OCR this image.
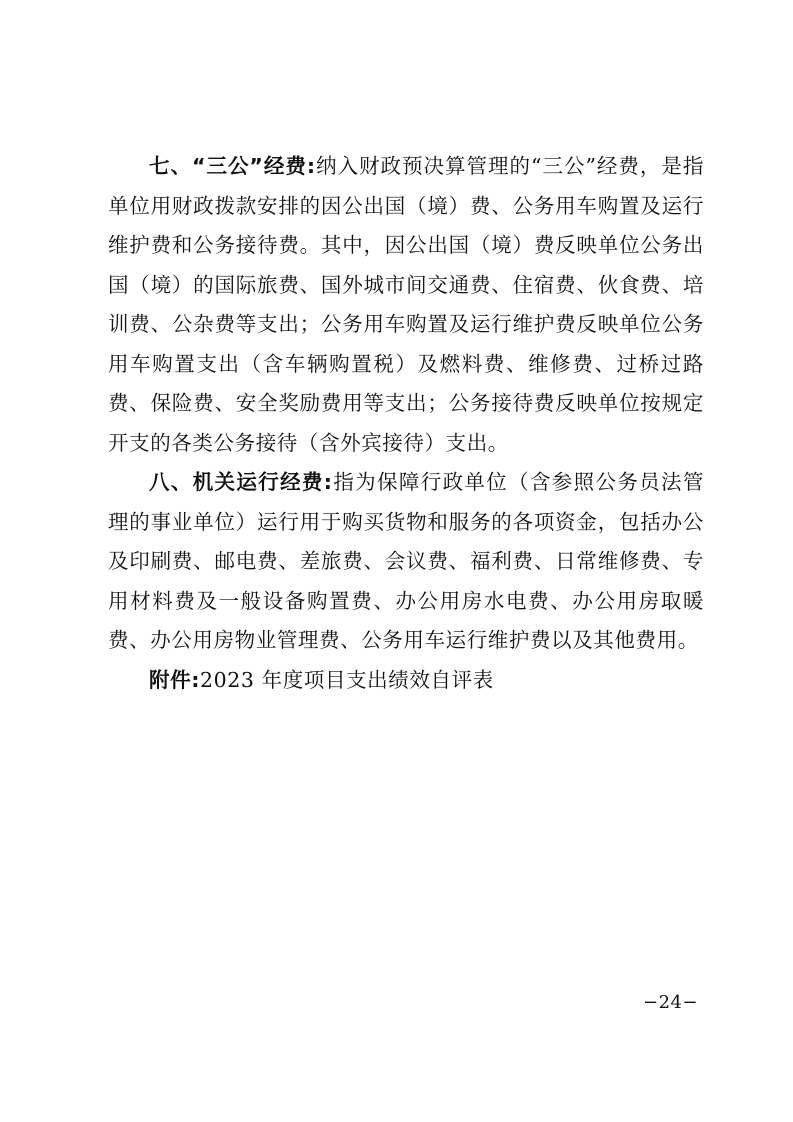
七、“三公”经费:纳入财政预决算管理的“三公”经费，是指单位用财政拨款安排的因公出国（境）费、公务用车购置及运行维护费和公务接待费。其中，因公出国（境）费反映单位公务出国（境）的国际旅费、国外城市间交通费、住宿费、伙食费、培训费、公杂费等支出；公务用车购置及运行维护费反映单位公务用车购置支出（含车辆购置税）及燃料费、维修费、过桥过路费、保险费、安全奖励费用等支出；公务接待费反映单位按规定开支的各类公务接待（含外宾接待）支出。

八、机关运行经费:指为保障行政单位（含参照公务员法管理的事业单位）运行用于购买货物和服务的各项资金，包括办公及印刷费、邮电费、差旅费、会议费、福利费、日常维修费、专用材料费及一般设备购置费、办公用房水电费、办公用房取暖费、办公用房物业管理费、公务用车运行维护费以及其他费用。

附件:2023 年度项目支出绩效自评表

−24−
